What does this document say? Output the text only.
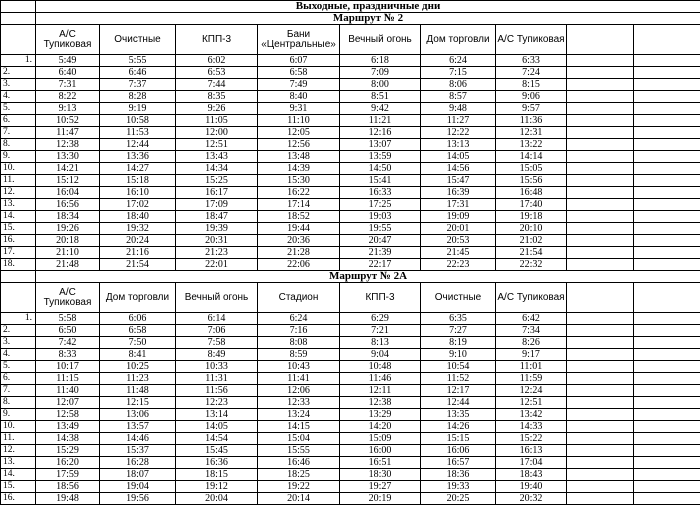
	Выходные, праздничные дни								
	Маршрут № 2								
	А/С Тупиковая	Очистные	КПП-3	Бани «Центральные»	Вечный огонь	Дом торговли	А/С Тупиковая		
1.	5:49	5:55	6:02	6:07	6:18	6:24	6:33		
2.	6:40	6:46	6:53	6:58	7:09	7:15	7:24		
3.	7:31	7:37	7:44	7:49	8:00	8:06	8:15		
4.	8:22	8:28	8:35	8:40	8:51	8:57	9:06		
5.	9:13	9:19	9:26	9:31	9:42	9:48	9:57		
6.	10:52	10:58	11:05	11:10	11:21	11:27	11:36		
7.	11:47	11:53	12:00	12:05	12:16	12:22	12:31		
8.	12:38	12:44	12:51	12:56	13:07	13:13	13:22		
9.	13:30	13:36	13:43	13:48	13:59	14:05	14:14		
10.	14:21	14:27	14:34	14:39	14:50	14:56	15:05		
11.	15:12	15:18	15:25	15:30	15:41	15:47	15:56		
12.	16:04	16:10	16:17	16:22	16:33	16:39	16:48		
13.	16:56	17:02	17:09	17:14	17:25	17:31	17:40		
14.	18:34	18:40	18:47	18:52	19:03	19:09	19:18		
15.	19:26	19:32	19:39	19:44	19:55	20:01	20:10		
16.	20:18	20:24	20:31	20:36	20:47	20:53	21:02		
17.	21:10	21:16	21:23	21:28	21:39	21:45	21:54		
18.	21:48	21:54	22:01	22:06	22:17	22:23	22:32		
	Маршрут № 2А								
	А/С Тупиковая	Дом торговли	Вечный огонь	Стадион	КПП-3	Очистные	А/С Тупиковая		
1.	5:58	6:06	6:14	6:24	6:29	6:35	6:42		
2.	6:50	6:58	7:06	7:16	7:21	7:27	7:34		
3.	7:42	7:50	7:58	8:08	8:13	8:19	8:26		
4.	8:33	8:41	8:49	8:59	9:04	9:10	9:17		
5.	10:17	10:25	10:33	10:43	10:48	10:54	11:01		
6.	11:15	11:23	11:31	11:41	11:46	11:52	11:59		
7.	11:40	11:48	11:56	12:06	12:11	12:17	12:24		
8.	12:07	12:15	12:23	12:33	12:38	12:44	12:51		
9.	12:58	13:06	13:14	13:24	13:29	13:35	13:42		
10.	13:49	13:57	14:05	14:15	14:20	14:26	14:33		
11.	14:38	14:46	14:54	15:04	15:09	15:15	15:22		
12.	15:29	15:37	15:45	15:55	16:00	16:06	16:13		
13.	16:20	16:28	16:36	16:46	16:51	16:57	17:04		
14.	17:59	18:07	18:15	18:25	18:30	18:36	18:43		
15.	18:56	19:04	19:12	19:22	19:27	19:33	19:40		
16.	19:48	19:56	20:04	20:14	20:19	20:25	20:32		
